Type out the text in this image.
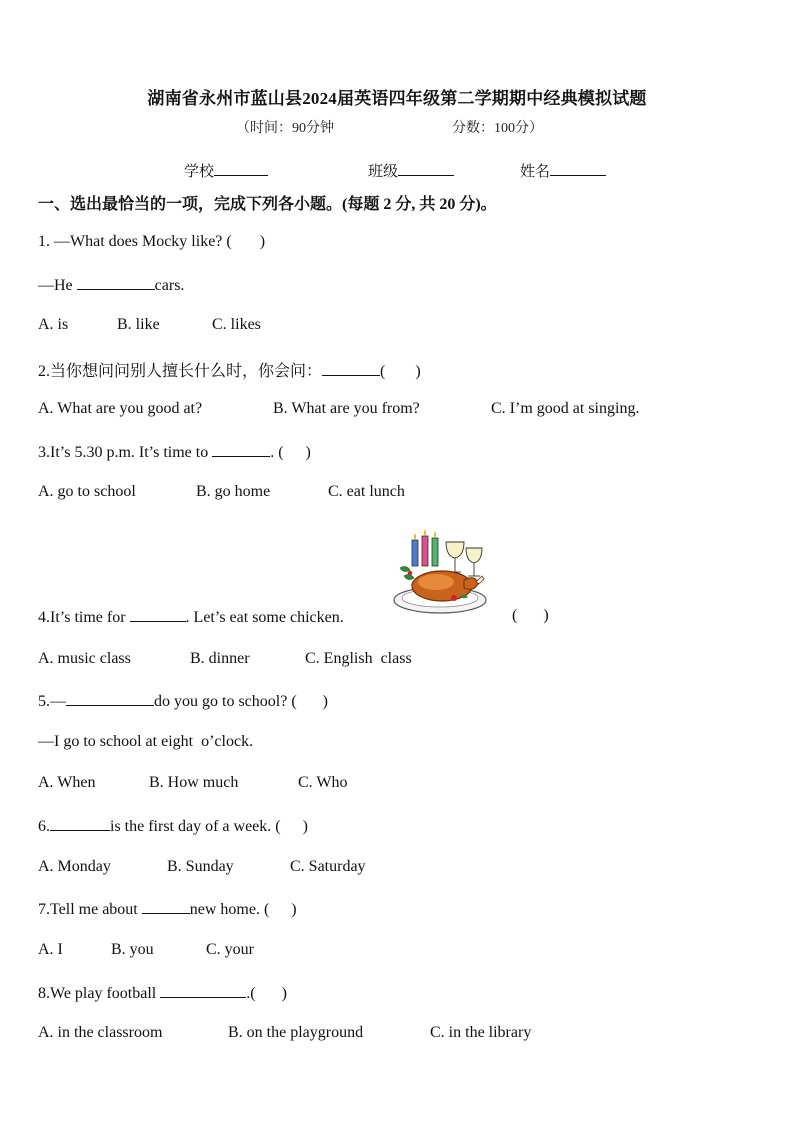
湖南省永州市蓝山县2024届英语四年级第二学期期中经典模拟试题
（时间：90分钟	分数：100分）
学校	班级	姓名
一、选出最恰当的一项，完成下列各小题。(每题 2 分, 共 20 分)。
1. —What does Mocky like? ( )
—He	cars.
A. is	B. like	C. likes
2.当你想问问别人擅长什么时，你会问：	( )
A. What are you good at?	B. What are you from?	C. I’m good at singing.
3.It’s 5.30 p.m. It’s time to	. ( )
A. go to school	B. go home	C. eat lunch
4.It’s time for	. Let’s eat some chicken.	( )
A. music class	B. dinner	C. English  class
5.—	do you go to school? ( )
—I go to school at eight  o’clock.
A. When	B. How much	C. Who
6.	is the first day of a week. ( )
A. Monday	B. Sunday	C. Saturday
7.Tell me about	new home. ( )
A. I	B. you	C. your
8.We play football	.( )
A. in the classroom	B. on the playground	C. in the library
